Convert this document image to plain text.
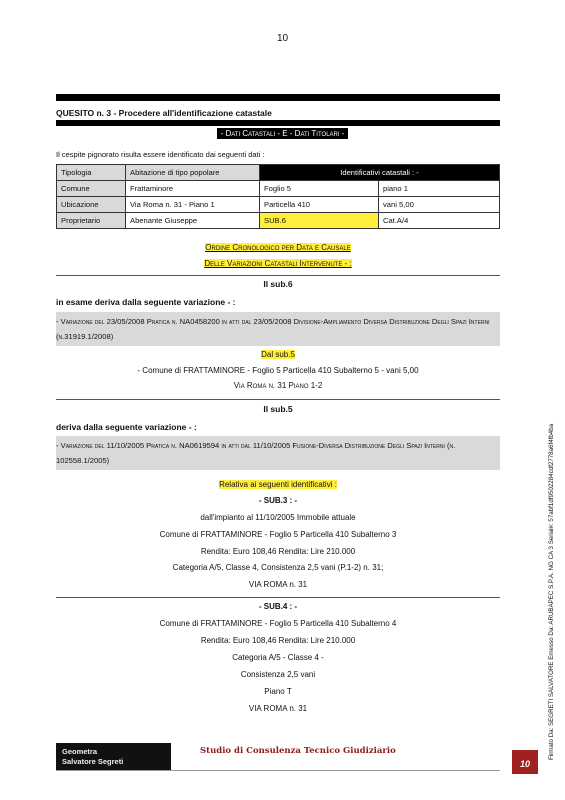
10
QUESITO n. 3 - Procedere all'identificazione catastale
- Dati Catastali - E - Dati Titolari -
Il cespite pignorato risulta essere identificato dai seguenti dati :
Tipologia	Abitazione di tipo popolare	Identificativi catastali : -	
Comune	Frattaminore	Foglio 5	piano 1
Ubicazione	Via Roma n. 31 - Piano 1	Particella 410	vani 5,00
Proprietario	Abenante Giuseppe	SUB.6	Cat.A/4
Ordine Cronologico per Data e Causale
Delle Variazioni Catastali Intervenute - :
Il sub.6
in esame deriva dalla seguente variazione - :
- Variazione del 23/05/2008 Pratica n. NA0458200 in atti dal 23/05/2008 Divisione-Ampliamento Diversa Distribuzione Degli Spazi Interni (n.31919.1/2008)
Dal sub.5
- Comune di FRATTAMINORE - Foglio 5 Particella 410 Subalterno 5 - vani 5,00
Via Roma n. 31 Piano 1-2
Il sub.5
deriva dalla seguente variazione - :
- Variazione del 11/10/2005 Pratica n. NA0619594 in atti dal 11/10/2005 Fusione-Diversa Distribuzione Degli Spazi Interni (n. 102558.1/2005)
Relativa ai seguenti identificativi :
- SUB.3 : -
dall'impianto al 11/10/2005 Immobile attuale
Comune di FRATTAMINORE - Foglio 5 Particella 410 Subalterno 3
Rendita: Euro 108,46 Rendita: Lire 210.000
Categoria A/5, Classe 4, Consistenza 2,5 vani (P.1-2) n. 31;
VIA ROMA n. 31
- SUB.4 : -
Comune di FRATTAMINORE - Foglio 5 Particella 410 Subalterno 4
Rendita: Euro 108,46 Rendita: Lire 210.000
Categoria A/5 - Classe 4 -
Consistenza 2,5 vani
Piano T
VIA ROMA n. 31
Geometra
Salvatore Segreti
Studio di Consulenza Tecnico Giudiziario
10
Firmato Da: SEGRETI SALVATORE Emesso Da: ARUBAPEC S.P.A. NG CA 3 Serial#: 57abf1df9502284cdf2778a6f4fb4ba
